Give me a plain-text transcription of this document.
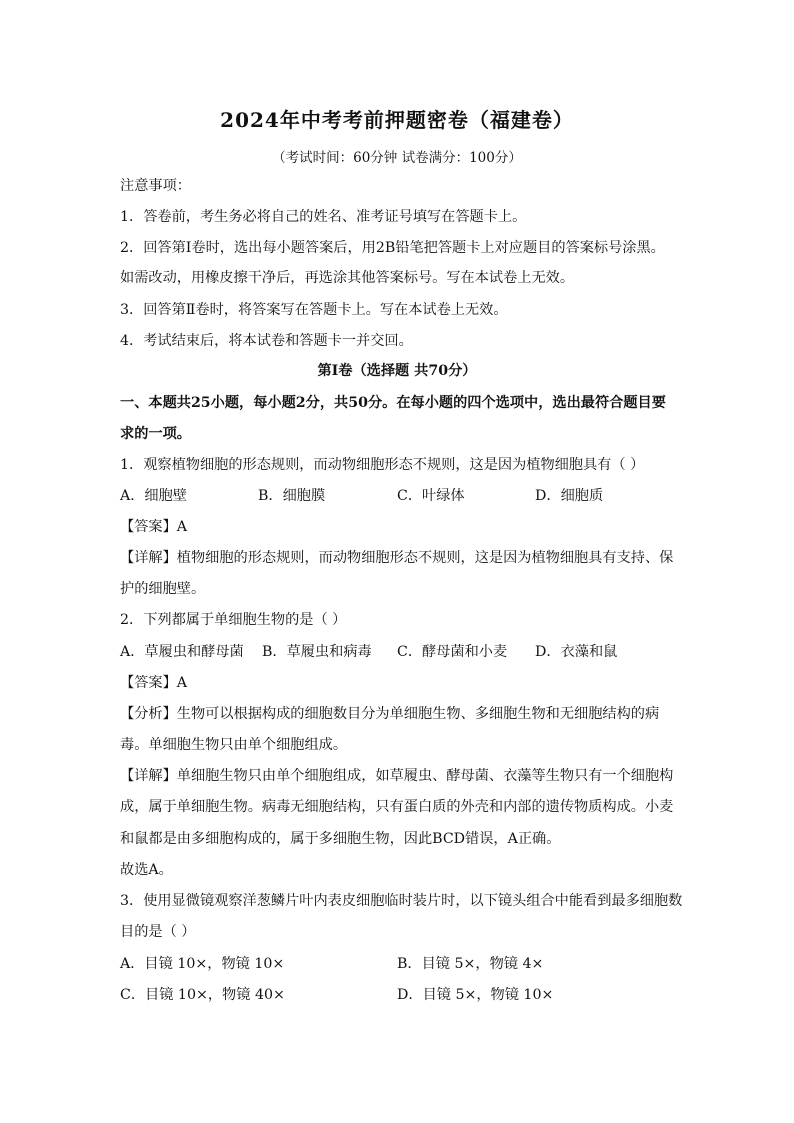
2024年中考考前押题密卷（福建卷）
（考试时间：60分钟 试卷满分：100分）
注意事项：
1．答卷前，考生务必将自己的姓名、准考证号填写在答题卡上。
2．回答第Ⅰ卷时，选出每小题答案后，用2B铅笔把答题卡上对应题目的答案标号涂黑。
如需改动，用橡皮擦干净后，再选涂其他答案标号。写在本试卷上无效。
3．回答第Ⅱ卷时，将答案写在答题卡上。写在本试卷上无效。
4．考试结束后，将本试卷和答题卡一并交回。
第Ⅰ卷（选择题 共70分）
一、本题共25小题，每小题2分，共50分。在每小题的四个选项中，选出最符合题目要
求的一项。
1．观察植物细胞的形态规则，而动物细胞形态不规则，这是因为植物细胞具有（ ）
A．细胞壁	B．细胞膜	C．叶绿体	D．细胞质
【答案】A
【详解】植物细胞的形态规则，而动物细胞形态不规则，这是因为植物细胞具有支持、保
护的细胞壁。
2．下列都属于单细胞生物的是（ ）
A．草履虫和酵母菌 B．草履虫和病毒 C．酵母菌和小麦 D．衣藻和鼠
【答案】A
【分析】生物可以根据构成的细胞数目分为单细胞生物、多细胞生物和无细胞结构的病
毒。单细胞生物只由单个细胞组成。
【详解】单细胞生物只由单个细胞组成，如草履虫、酵母菌、衣藻等生物只有一个细胞构
成，属于单细胞生物。病毒无细胞结构，只有蛋白质的外壳和内部的遗传物质构成。小麦
和鼠都是由多细胞构成的，属于多细胞生物，因此BCD错误，A正确。
故选A。
3．使用显微镜观察洋葱鳞片叶内表皮细胞临时装片时，以下镜头组合中能看到最多细胞数
目的是（ ）
A．目镜 10×，物镜 10×	B．目镜 5×，物镜 4×
C．目镜 10×，物镜 40×	D．目镜 5×，物镜 10×
